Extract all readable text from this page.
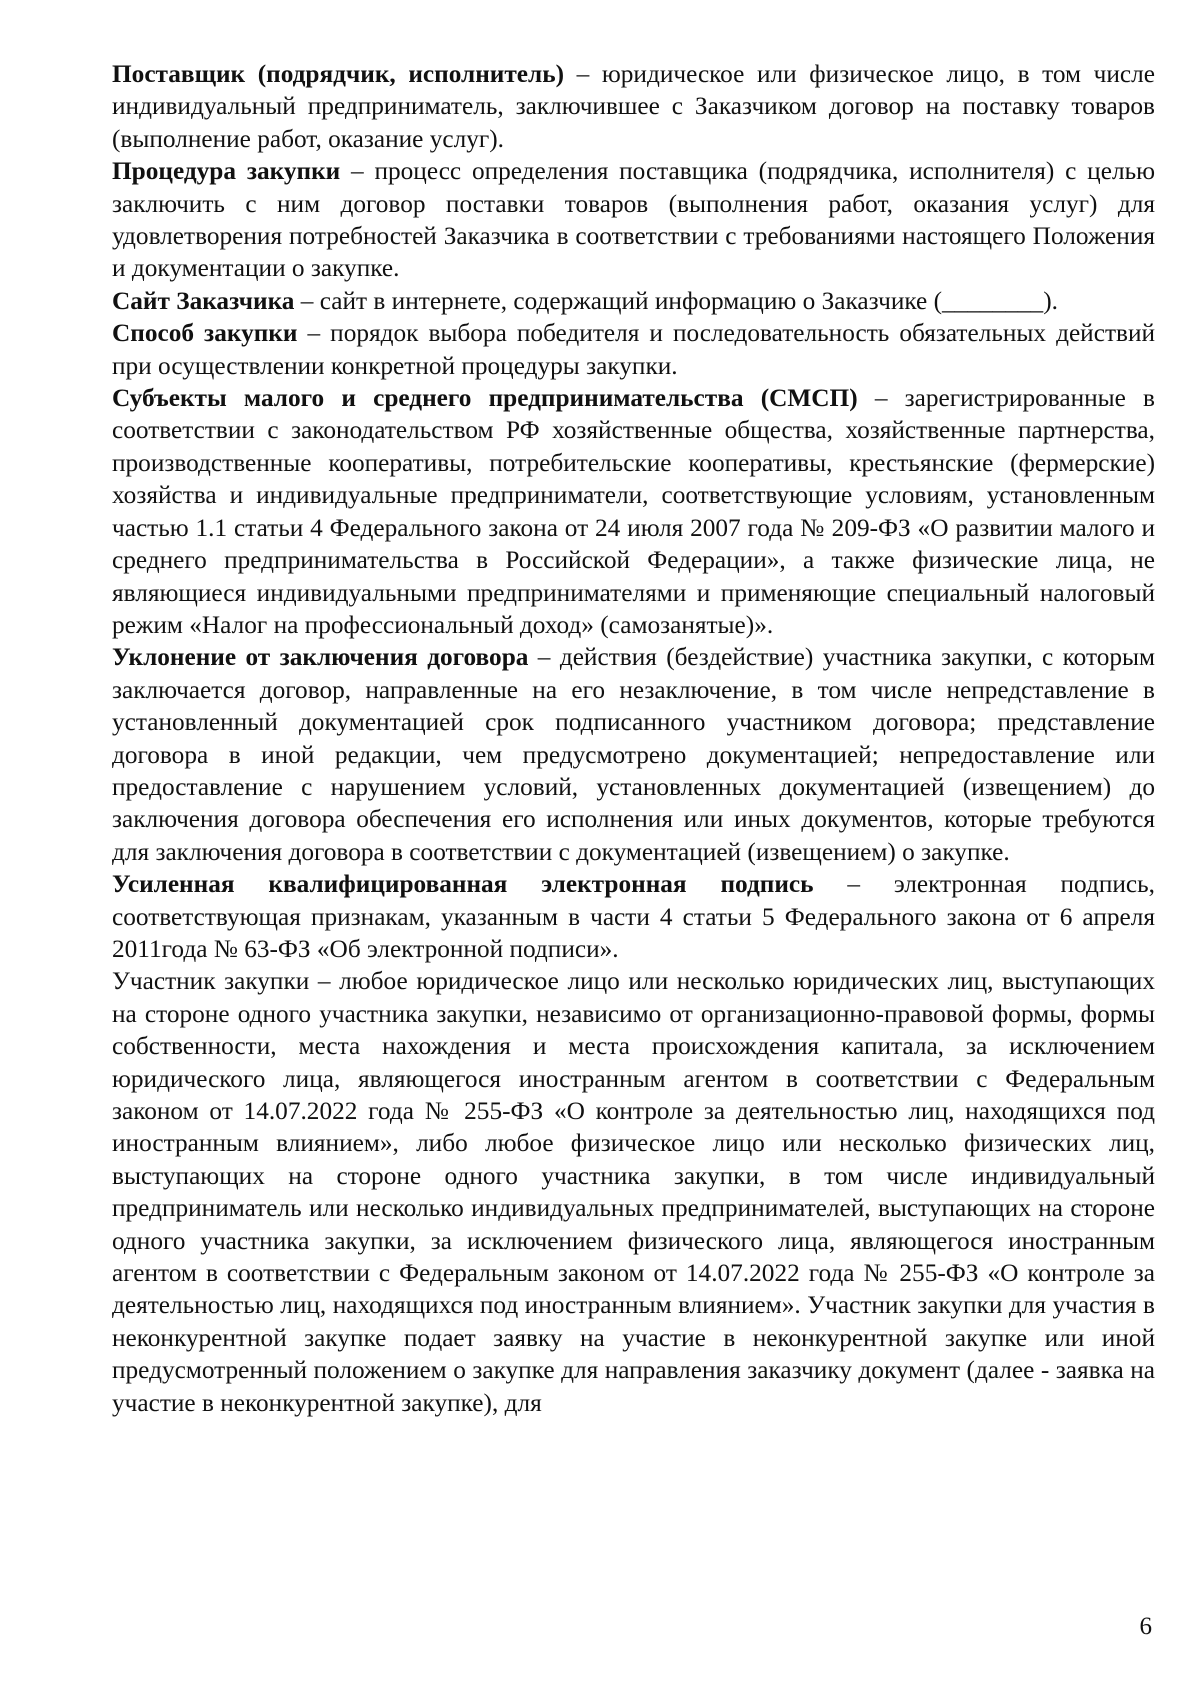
Поставщик (подрядчик, исполнитель) – юридическое или физическое лицо, в том числе индивидуальный предприниматель, заключившее с Заказчиком договор на поставку товаров (выполнение работ, оказание услуг).

Процедура закупки – процесс определения поставщика (подрядчика, исполнителя) с целью заключить с ним договор поставки товаров (выполнения работ, оказания услуг) для удовлетворения потребностей Заказчика в соответствии с требованиями настоящего Положения и документации о закупке.

Сайт Заказчика – сайт в интернете, содержащий информацию о Заказчике (________).

Способ закупки – порядок выбора победителя и последовательность обязательных действий при осуществлении конкретной процедуры закупки.

Субъекты малого и среднего предпринимательства (СМСП) – зарегистрированные в соответствии с законодательством РФ хозяйственные общества, хозяйственные партнерства, производственные кооперативы, потребительские кооперативы, крестьянские (фермерские) хозяйства и индивидуальные предприниматели, соответствующие условиям, установленным частью 1.1 статьи 4 Федерального закона от 24 июля 2007 года № 209-ФЗ «О развитии малого и среднего предпринимательства в Российской Федерации», а также физические лица, не являющиеся индивидуальными предпринимателями и применяющие специальный налоговый режим «Налог на профессиональный доход» (самозанятые)».

Уклонение от заключения договора – действия (бездействие) участника закупки, с которым заключается договор, направленные на его незаключение, в том числе непредставление в установленный документацией срок подписанного участником договора; представление договора в иной редакции, чем предусмотрено документацией; непредоставление или предоставление с нарушением условий, установленных документацией (извещением) до заключения договора обеспечения его исполнения или иных документов, которые требуются для заключения договора в соответствии с документацией (извещением) о закупке.

Усиленная квалифицированная электронная подпись – электронная подпись, соответствующая признакам, указанным в части 4 статьи 5 Федерального закона от 6 апреля 2011года № 63-ФЗ «Об электронной подписи».

Участник закупки – любое юридическое лицо или несколько юридических лиц, выступающих на стороне одного участника закупки, независимо от организационно-правовой формы, формы собственности, места нахождения и места происхождения капитала, за исключением юридического лица, являющегося иностранным агентом в соответствии с Федеральным законом от 14.07.2022 года № 255-ФЗ «О контроле за деятельностью лиц, находящихся под иностранным влиянием», либо любое физическое лицо или несколько физических лиц, выступающих на стороне одного участника закупки, в том числе индивидуальный предприниматель или несколько индивидуальных предпринимателей, выступающих на стороне одного участника закупки, за исключением физического лица, являющегося иностранным агентом в соответствии с Федеральным законом от 14.07.2022 года № 255-ФЗ «О контроле за деятельностью лиц, находящихся под иностранным влиянием». Участник закупки для участия в неконкурентной закупке подает заявку на участие в неконкурентной закупке или иной предусмотренный положением о закупке для направления заказчику документ (далее - заявка на участие в неконкурентной закупке), для

6
